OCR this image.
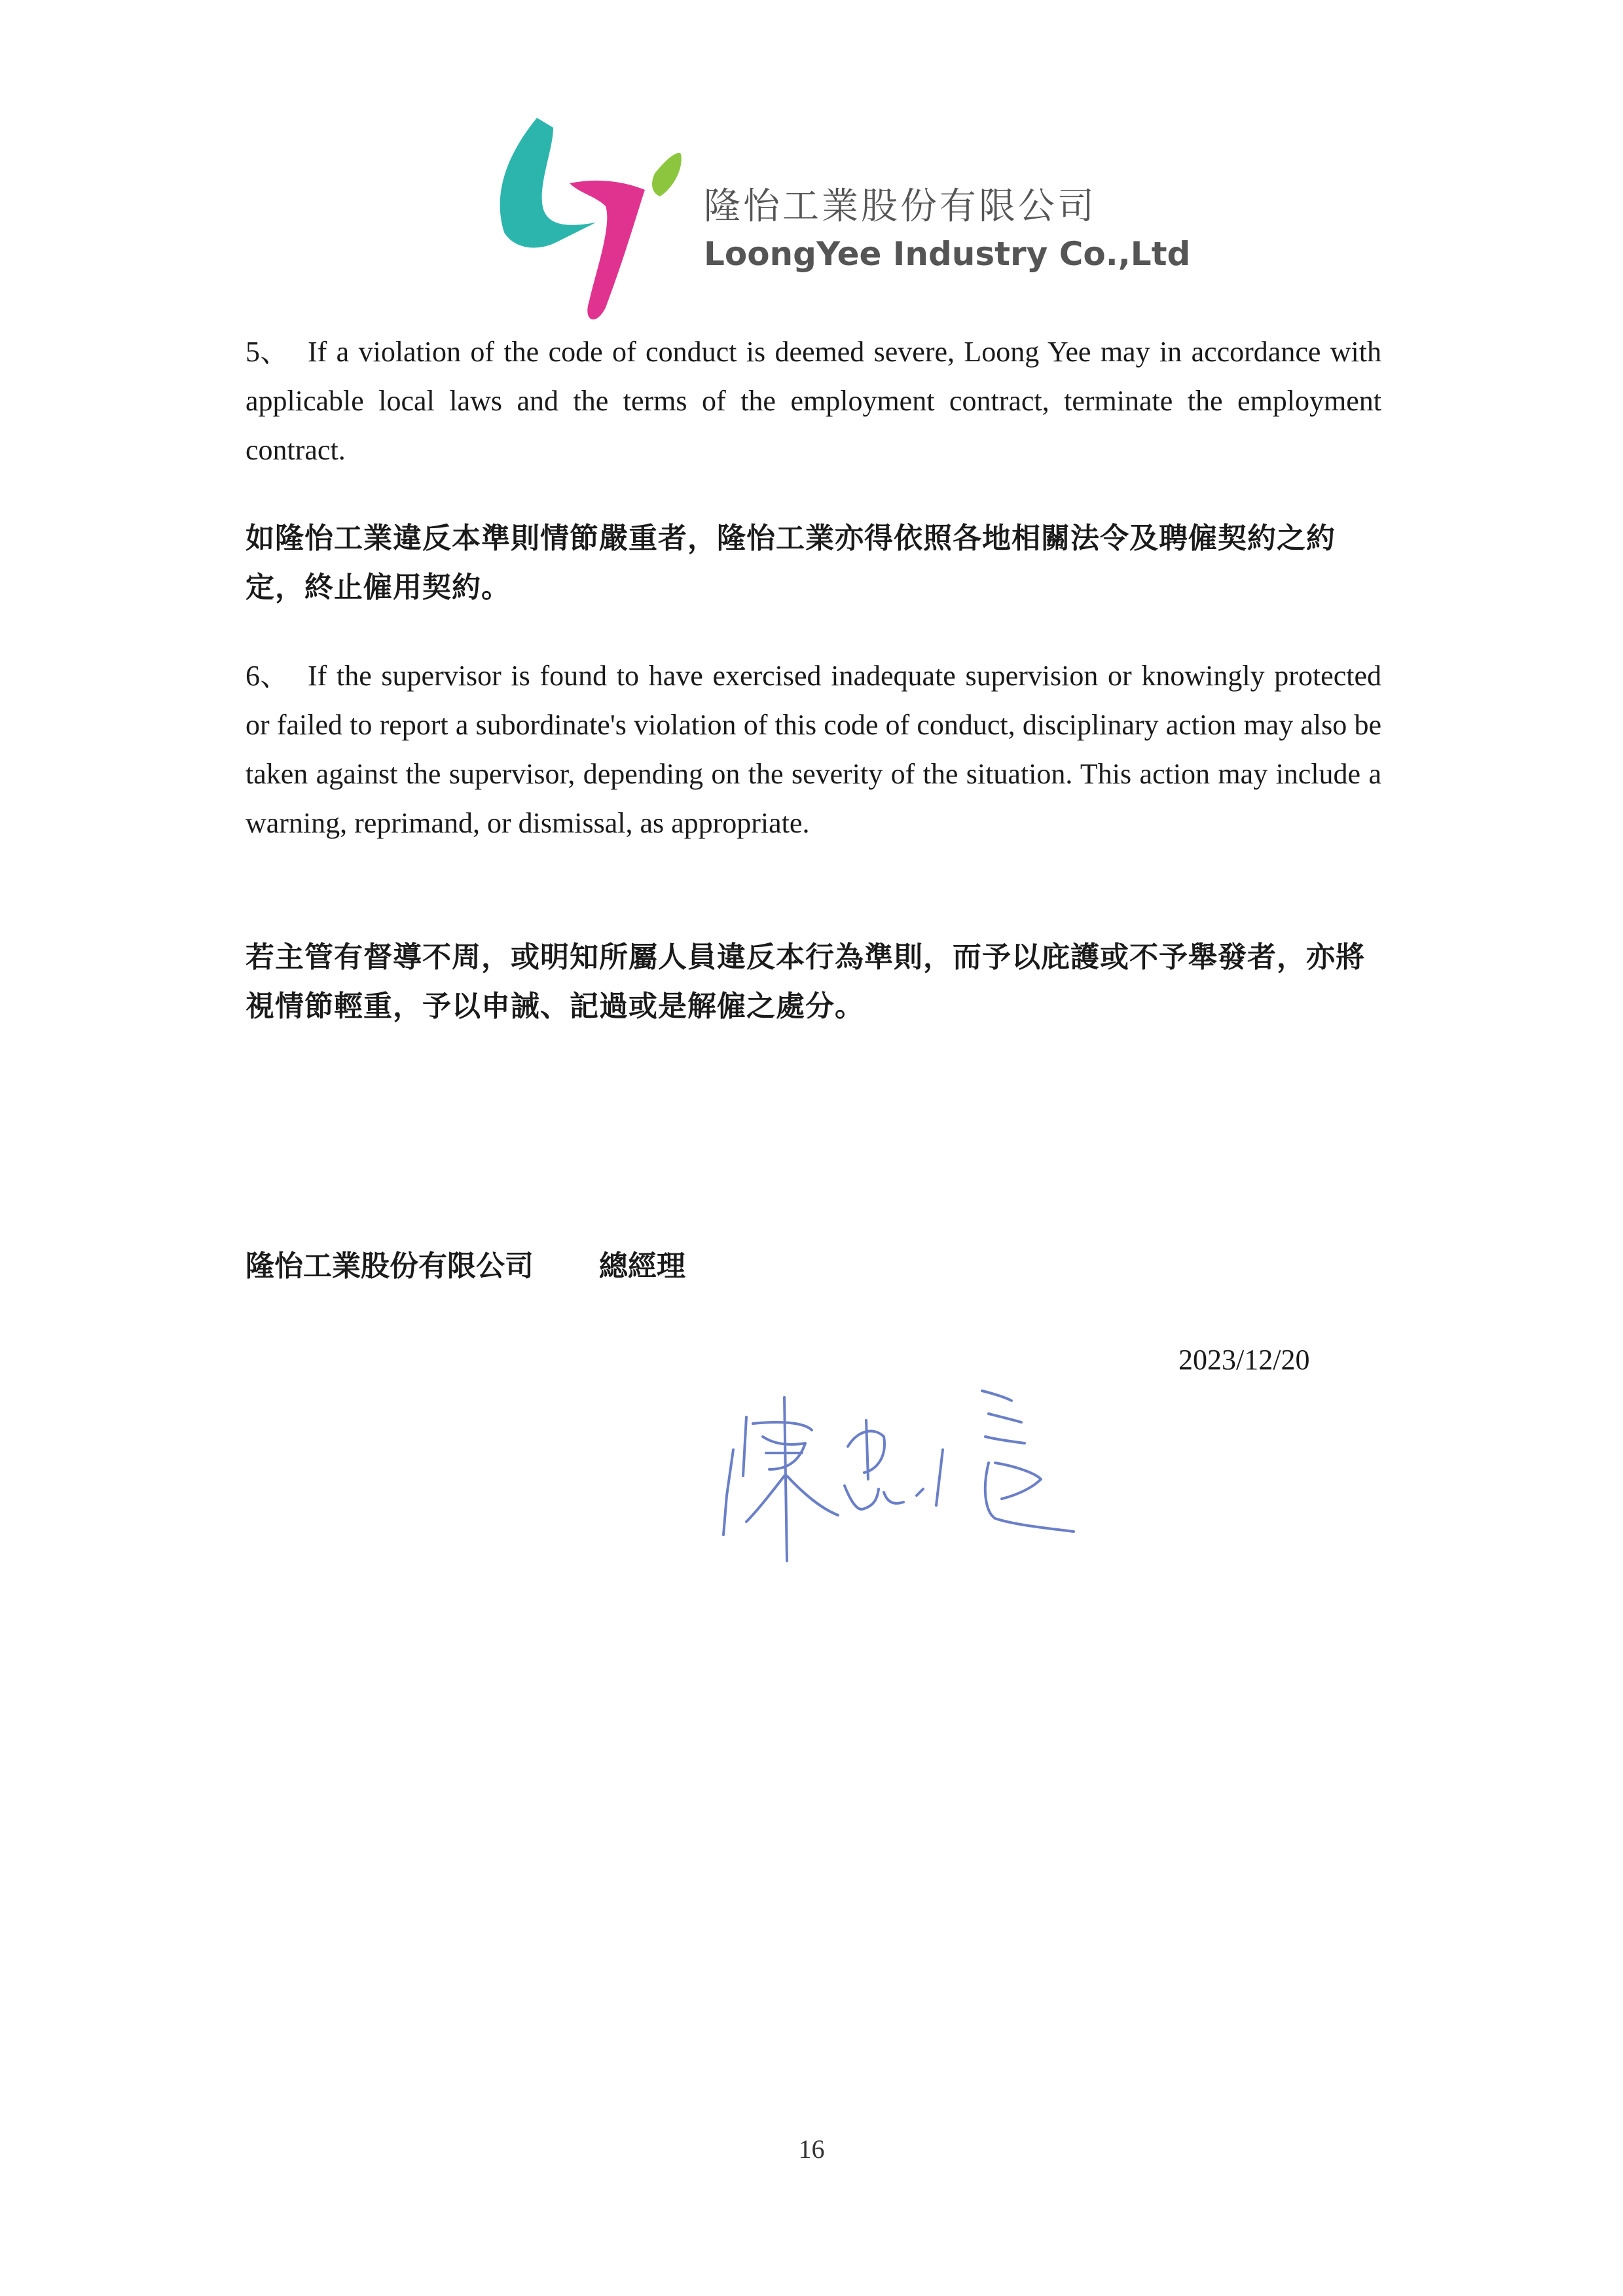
隆怡工業股份有限公司
LoongYee Industry Co.,Ltd

5、 If a violation of the code of conduct is deemed severe, Loong Yee may in accordance with applicable local laws and the terms of the employment contract, terminate the employment contract.

如隆怡工業違反本準則情節嚴重者，隆怡工業亦得依照各地相關法令及聘僱契約之約定，終止僱用契約。

6、 If the supervisor is found to have exercised inadequate supervision or knowingly protected or failed to report a subordinate's violation of this code of conduct, disciplinary action may also be taken against the supervisor, depending on the severity of the situation. This action may include a warning, reprimand, or dismissal, as appropriate.

若主管有督導不周，或明知所屬人員違反本行為準則，而予以庇護或不予舉發者，亦將視情節輕重，予以申誡、記過或是解僱之處分。

隆怡工業股份有限公司 總經理
2023/12/20
16
